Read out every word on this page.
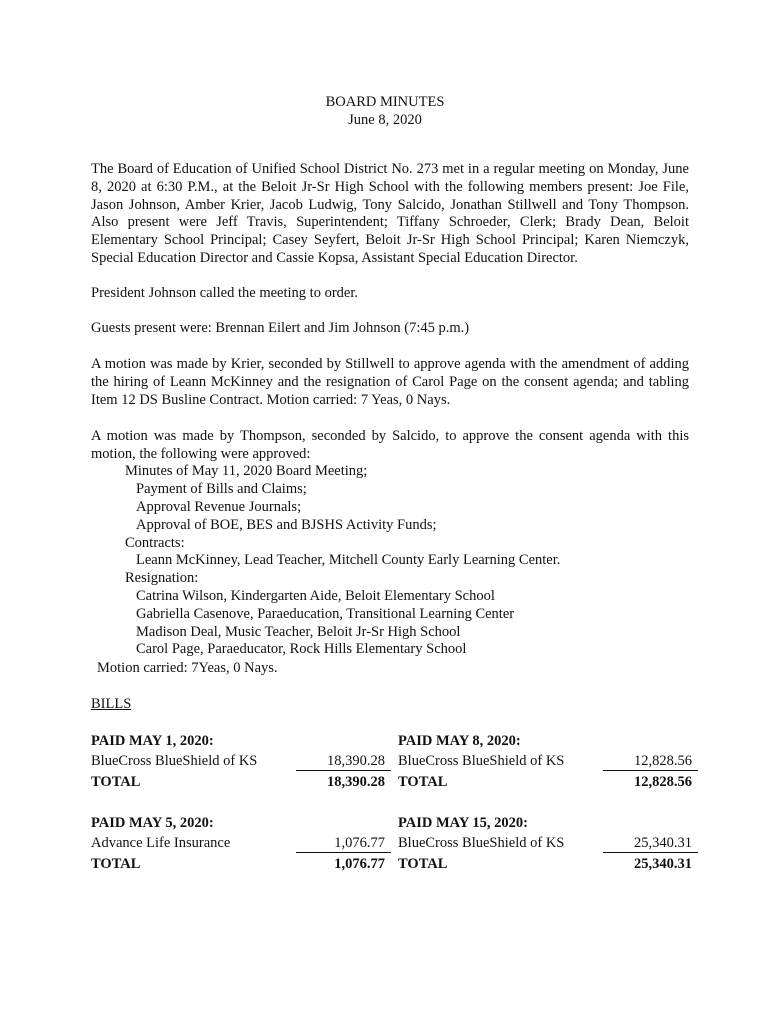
BOARD MINUTES
June 8, 2020
The Board of Education of Unified School District No. 273 met in a regular meeting on Monday, June 8, 2020 at 6:30 P.M., at the Beloit Jr-Sr High School with the following members present: Joe File, Jason Johnson, Amber Krier, Jacob Ludwig, Tony Salcido, Jonathan Stillwell and Tony Thompson. Also present were Jeff Travis, Superintendent; Tiffany Schroeder, Clerk; Brady Dean, Beloit Elementary School Principal; Casey Seyfert, Beloit Jr-Sr High School Principal; Karen Niemczyk, Special Education Director and Cassie Kopsa, Assistant Special Education Director.
President Johnson called the meeting to order.
Guests present were: Brennan Eilert and Jim Johnson (7:45 p.m.)
A motion was made by Krier, seconded by Stillwell to approve agenda with the amendment of adding the hiring of Leann McKinney and the resignation of Carol Page on the consent agenda; and tabling Item 12 DS Busline Contract. Motion carried: 7 Yeas, 0 Nays.
A motion was made by Thompson, seconded by Salcido, to approve the consent agenda with this motion, the following were approved:
Minutes of May 11, 2020 Board Meeting;
Payment of Bills and Claims;
Approval Revenue Journals;
Approval of BOE, BES and BJSHS Activity Funds;
Contracts:
Leann McKinney, Lead Teacher, Mitchell County Early Learning Center.
Resignation:
Catrina Wilson, Kindergarten Aide, Beloit Elementary School
Gabriella Casenove, Paraeducation, Transitional Learning Center
Madison Deal, Music Teacher, Beloit Jr-Sr High School
Carol Page, Paraeducator, Rock Hills Elementary School
Motion carried: 7Yeas, 0 Nays.
BILLS
PAID MAY 1, 2020:
BlueCross BlueShield of KS	18,390.28
TOTAL	18,390.28
PAID MAY 8, 2020:
BlueCross BlueShield of KS	12,828.56
TOTAL	12,828.56
PAID MAY 5, 2020:
Advance Life Insurance	1,076.77
TOTAL	1,076.77
PAID MAY 15, 2020:
BlueCross BlueShield of KS	25,340.31
TOTAL	25,340.31
